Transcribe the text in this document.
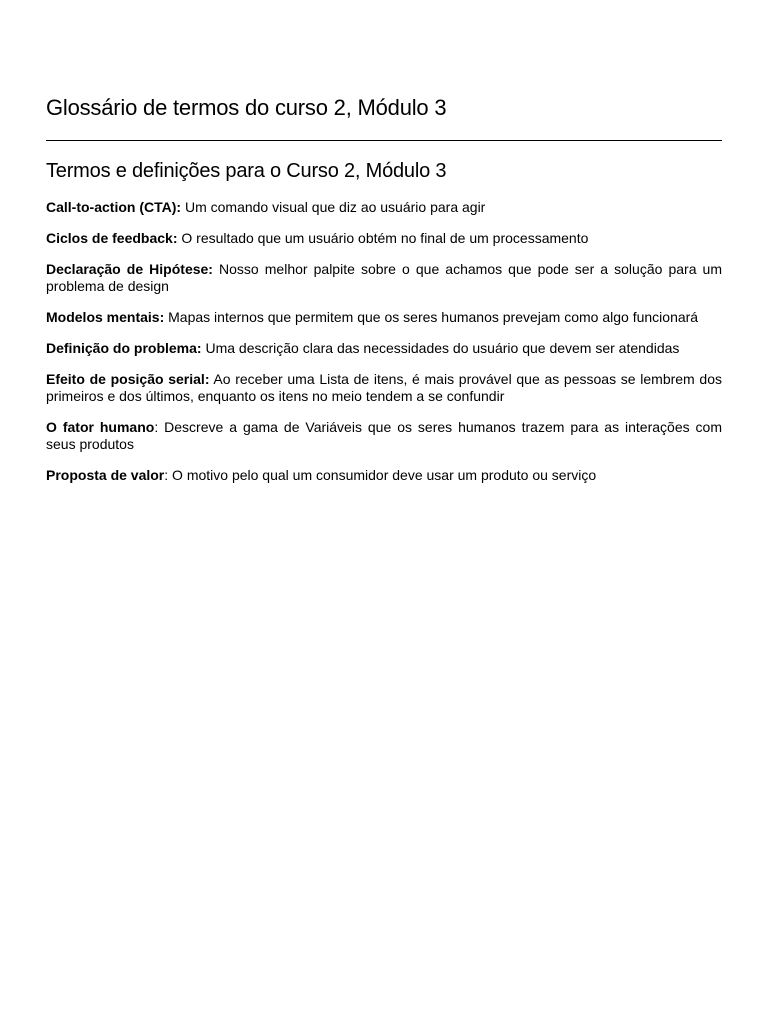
Glossário de termos do curso 2, Módulo 3
Termos e definições para o Curso 2, Módulo 3

Call-to-action (CTA): Um comando visual que diz ao usuário para agir

Ciclos de feedback: O resultado que um usuário obtém no final de um processamento

Declaração de Hipótese: Nosso melhor palpite sobre o que achamos que pode ser a solução para um problema de design

Modelos mentais: Mapas internos que permitem que os seres humanos prevejam como algo funcionará

Definição do problema: Uma descrição clara das necessidades do usuário que devem ser atendidas

Efeito de posição serial: Ao receber uma Lista de itens, é mais provável que as pessoas se lembrem dos primeiros e dos últimos, enquanto os itens no meio tendem a se confundir

O fator humano: Descreve a gama de Variáveis que os seres humanos trazem para as interações com seus produtos

Proposta de valor: O motivo pelo qual um consumidor deve usar um produto ou serviço
